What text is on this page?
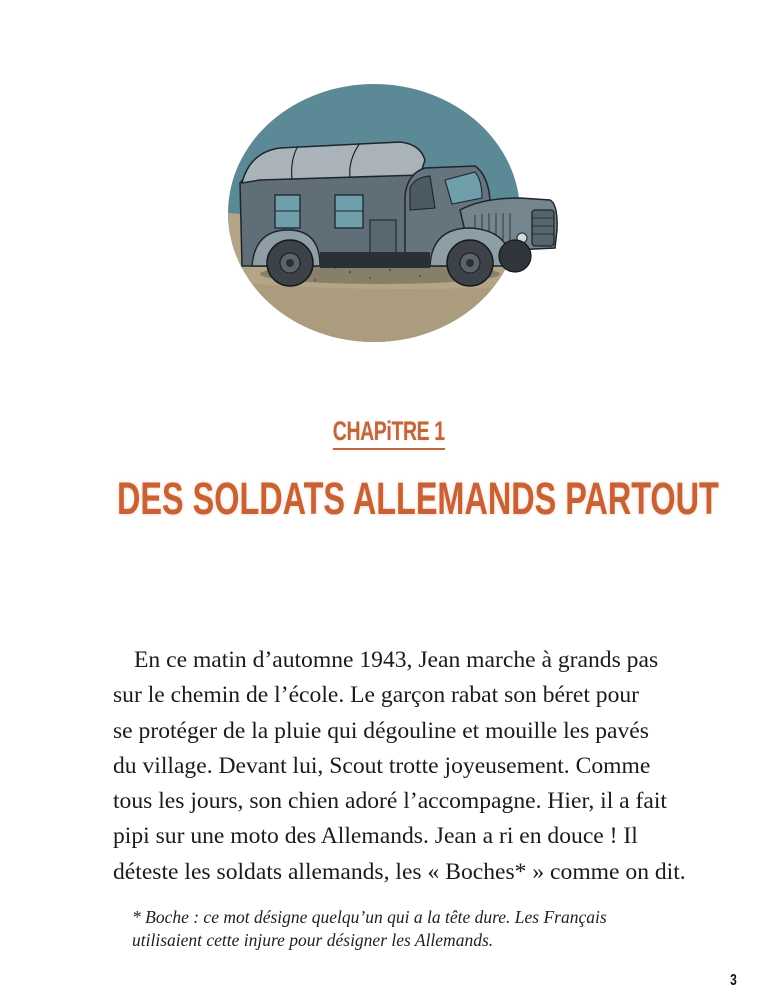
CHAPiTRE 1
DES SOLDATS ALLEMANDS PARTOUT
En ce matin d’automne 1943, Jean marche à grands pas
sur le chemin de l’école. Le garçon rabat son béret pour
se protéger de la pluie qui dégouline et mouille les pavés
du village. Devant lui, Scout trotte joyeusement. Comme
tous les jours, son chien adoré l’accompagne. Hier, il a fait
pipi sur une moto des Allemands. Jean a ri en douce ! Il
déteste les soldats allemands, les « Boches* » comme on dit.
* Boche : ce mot désigne quelqu’un qui a la tête dure. Les Français
utilisaient cette injure pour désigner les Allemands.
3
